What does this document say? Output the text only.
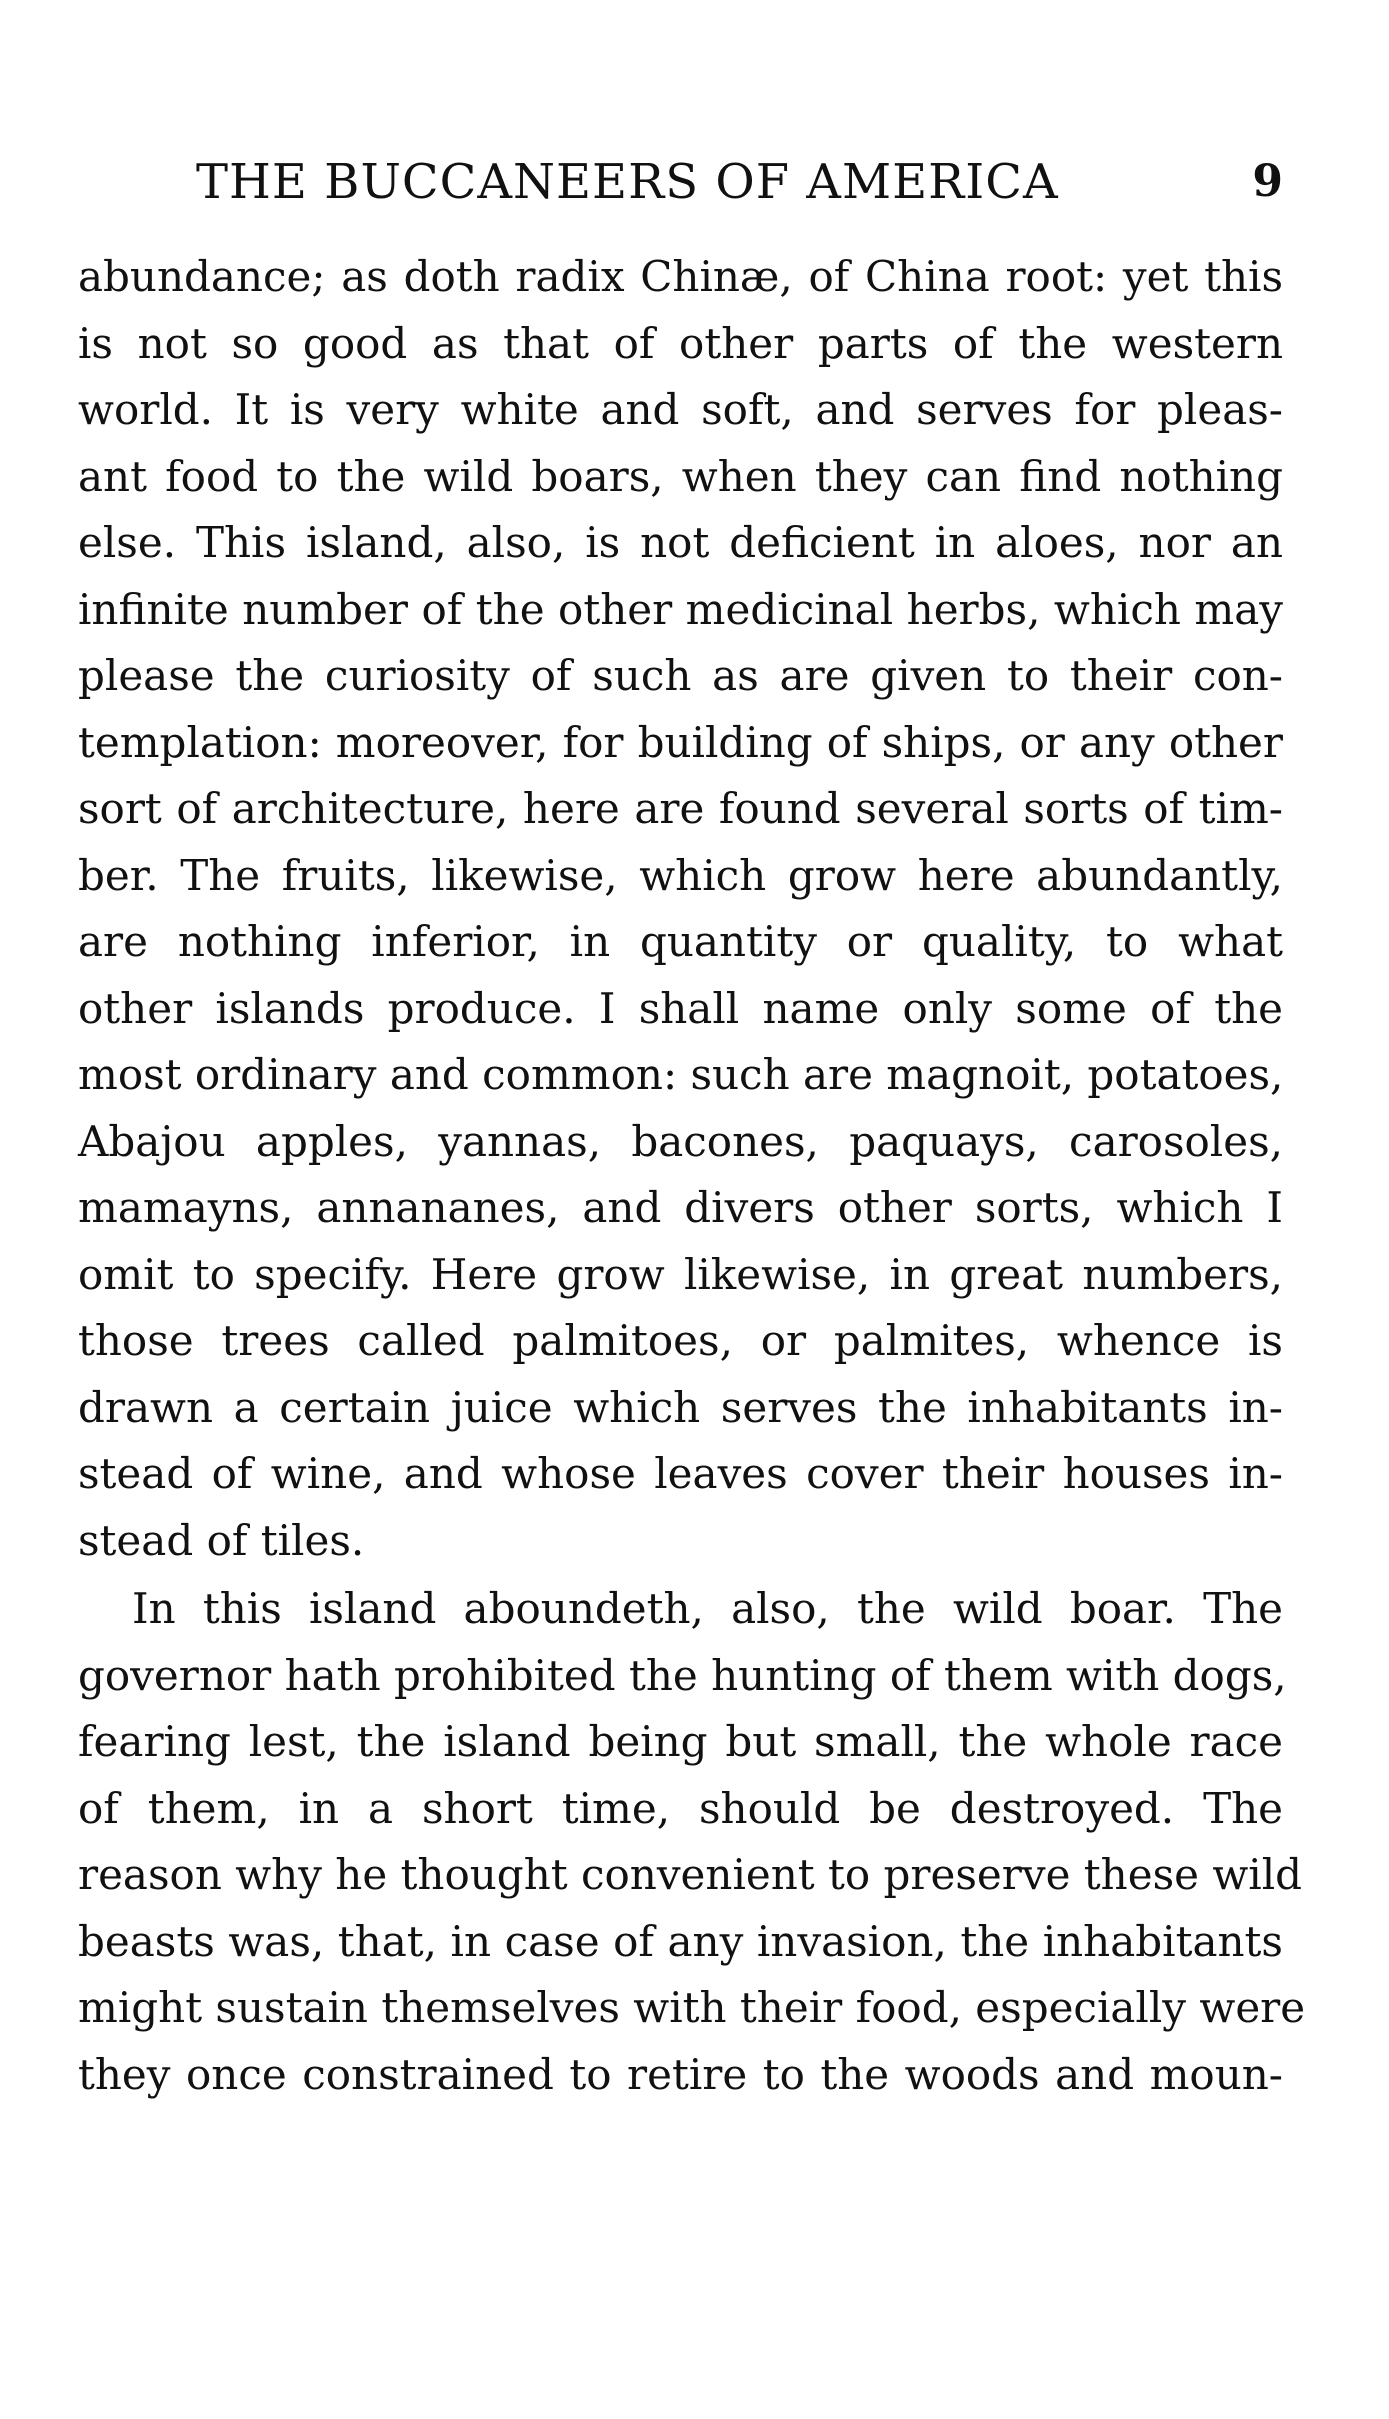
THE BUCCANEERS OF AMERICA	9
abundance; as doth radix Chinæ, of China root: yet this
is not so good as that of other parts of the western
world. It is very white and soft, and serves for pleas-
ant food to the wild boars, when they can find nothing
else. This island, also, is not deficient in aloes, nor an
infinite number of the other medicinal herbs, which may
please the curiosity of such as are given to their con-
templation: moreover, for building of ships, or any other
sort of architecture, here are found several sorts of tim-
ber. The fruits, likewise, which grow here abundantly,
are nothing inferior, in quantity or quality, to what
other islands produce. I shall name only some of the
most ordinary and common: such are magnoit, potatoes,
Abajou apples, yannas, bacones, paquays, carosoles,
mamayns, annananes, and divers other sorts, which I
omit to specify. Here grow likewise, in great numbers,
those trees called palmitoes, or palmites, whence is
drawn a certain juice which serves the inhabitants in-
stead of wine, and whose leaves cover their houses in-
stead of tiles.
In this island aboundeth, also, the wild boar. The
governor hath prohibited the hunting of them with dogs,
fearing lest, the island being but small, the whole race
of them, in a short time, should be destroyed. The
reason why he thought convenient to preserve these wild
beasts was, that, in case of any invasion, the inhabitants
might sustain themselves with their food, especially were
they once constrained to retire to the woods and moun-
